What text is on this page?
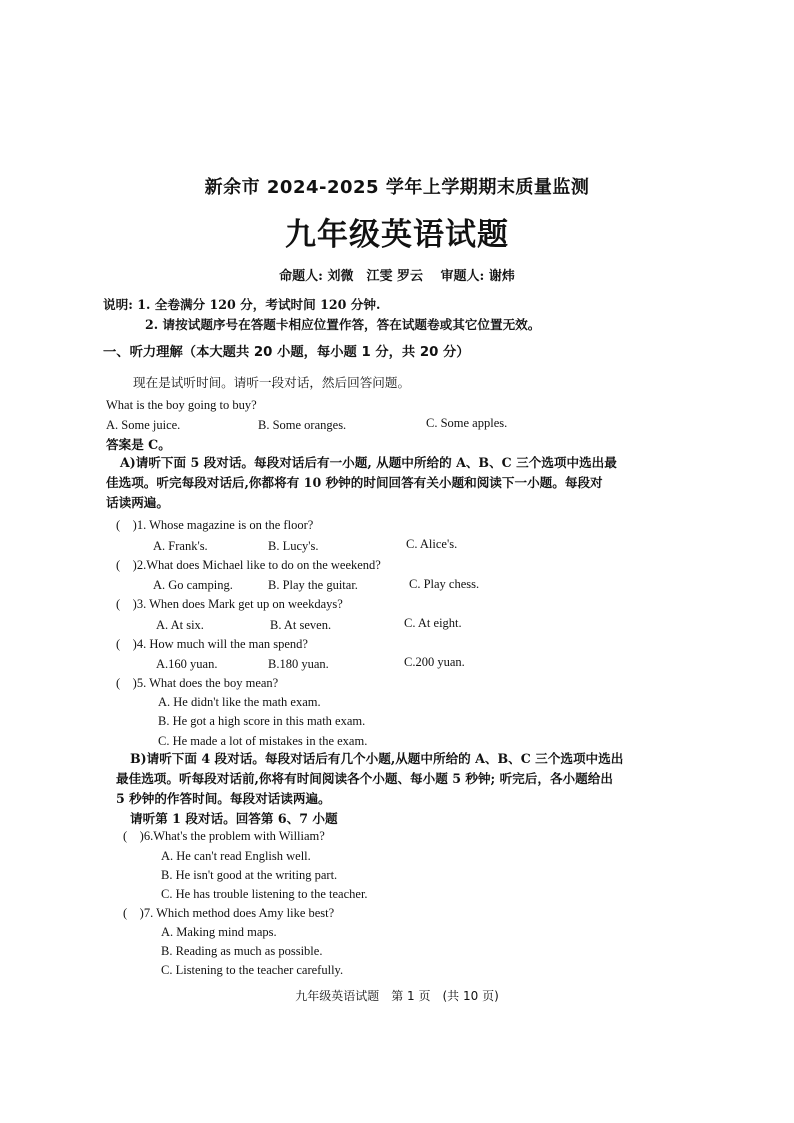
新余市 2024-2025 学年上学期期末质量监测
九年级英语试题
命题人: 刘微　江雯 罗云　 审题人: 谢炜
说明: 1. 全卷满分 120 分，考试时间 120 分钟.
2. 请按试题序号在答题卡相应位置作答，答在试题卷或其它位置无效。
一、听力理解（本大题共 20 小题，每小题 1 分，共 20 分）
现在是试听时间。请听一段对话，然后回答问题。
What is the boy going to buy?
A. Some juice.	B. Some oranges.	C. Some apples.
答案是 C。
A)请听下面 5 段对话。每段对话后有一小题, 从题中所给的 A、B、C 三个选项中选出最
佳选项。听完每段对话后,你都将有 10 秒钟的时间回答有关小题和阅读下一小题。每段对
话读两遍。
(　)1. Whose magazine is on the floor?
A. Frank's.	B. Lucy's.	C. Alice's.
(　)2.What does Michael like to do on the weekend?
A. Go camping.	B. Play the guitar.	C. Play chess.
(　)3. When does Mark get up on weekdays?
A. At six.	B. At seven.	C. At eight.
(　)4. How much will the man spend?
A.160 yuan.	B.180 yuan.	C.200 yuan.
(　)5. What does the boy mean?
A. He didn't like the math exam.
B. He got a high score in this math exam.
C. He made a lot of mistakes in the exam.
B)请听下面 4 段对话。每段对话后有几个小题,从题中所给的 A、B、C 三个选项中选出
最佳选项。听每段对话前,你将有时间阅读各个小题、每小题 5 秒钟; 听完后，各小题给出
5 秒钟的作答时间。每段对话读两遍。
请听第 1 段对话。回答第 6、7 小题
(　)6.What's the problem with William?
A. He can't read English well.
B. He isn't good at the writing part.
C. He has trouble listening to the teacher.
(　)7. Which method does Amy like best?
A. Making mind maps.
B. Reading as much as possible.
C. Listening to the teacher carefully.
九年级英语试题　第 1 页　(共 10 页)
